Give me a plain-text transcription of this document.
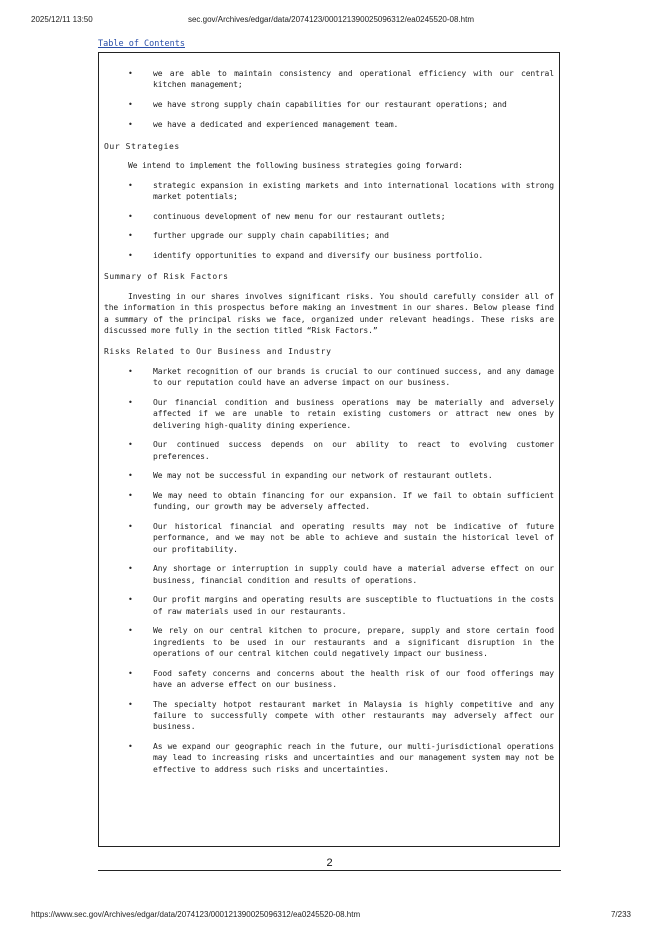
2025/12/11 13:50	sec.gov/Archives/edgar/data/2074123/000121390025096312/ea0245520-08.htm
Table of Contents
• we are able to maintain consistency and operational efficiency with our central kitchen management;
• we have strong supply chain capabilities for our restaurant operations; and
• we have a dedicated and experienced management team.
Our Strategies
We intend to implement the following business strategies going forward:
• strategic expansion in existing markets and into international locations with strong market potentials;
• continuous development of new menu for our restaurant outlets;
• further upgrade our supply chain capabilities; and
• identify opportunities to expand and diversify our business portfolio.
Summary of Risk Factors

Investing in our shares involves significant risks. You should carefully consider all of the information in this prospectus before making an investment in our shares. Below please find a summary of the principal risks we face, organized under relevant headings. These risks are discussed more fully in the section titled “Risk Factors.”

Risks Related to Our Business and Industry
• Market recognition of our brands is crucial to our continued success, and any damage to our reputation could have an adverse impact on our business.
• Our financial condition and business operations may be materially and adversely affected if we are unable to retain existing customers or attract new ones by delivering high-quality dining experience.
• Our continued success depends on our ability to react to evolving customer preferences.
• We may not be successful in expanding our network of restaurant outlets.
• We may need to obtain financing for our expansion. If we fail to obtain sufficient funding, our growth may be adversely affected.
• Our historical financial and operating results may not be indicative of future performance, and we may not be able to achieve and sustain the historical level of our profitability.
• Any shortage or interruption in supply could have a material adverse effect on our business, financial condition and results of operations.
• Our profit margins and operating results are susceptible to fluctuations in the costs of raw materials used in our restaurants.
• We rely on our central kitchen to procure, prepare, supply and store certain food ingredients to be used in our restaurants and a significant disruption in the operations of our central kitchen could negatively impact our business.
• Food safety concerns and concerns about the health risk of our food offerings may have an adverse effect on our business.
• The specialty hotpot restaurant market in Malaysia is highly competitive and any failure to successfully compete with other restaurants may adversely affect our business.
• As we expand our geographic reach in the future, our multi-jurisdictional operations may lead to increasing risks and uncertainties and our management system may not be effective to address such risks and uncertainties.
2
https://www.sec.gov/Archives/edgar/data/2074123/000121390025096312/ea0245520-08.htm	7/233
